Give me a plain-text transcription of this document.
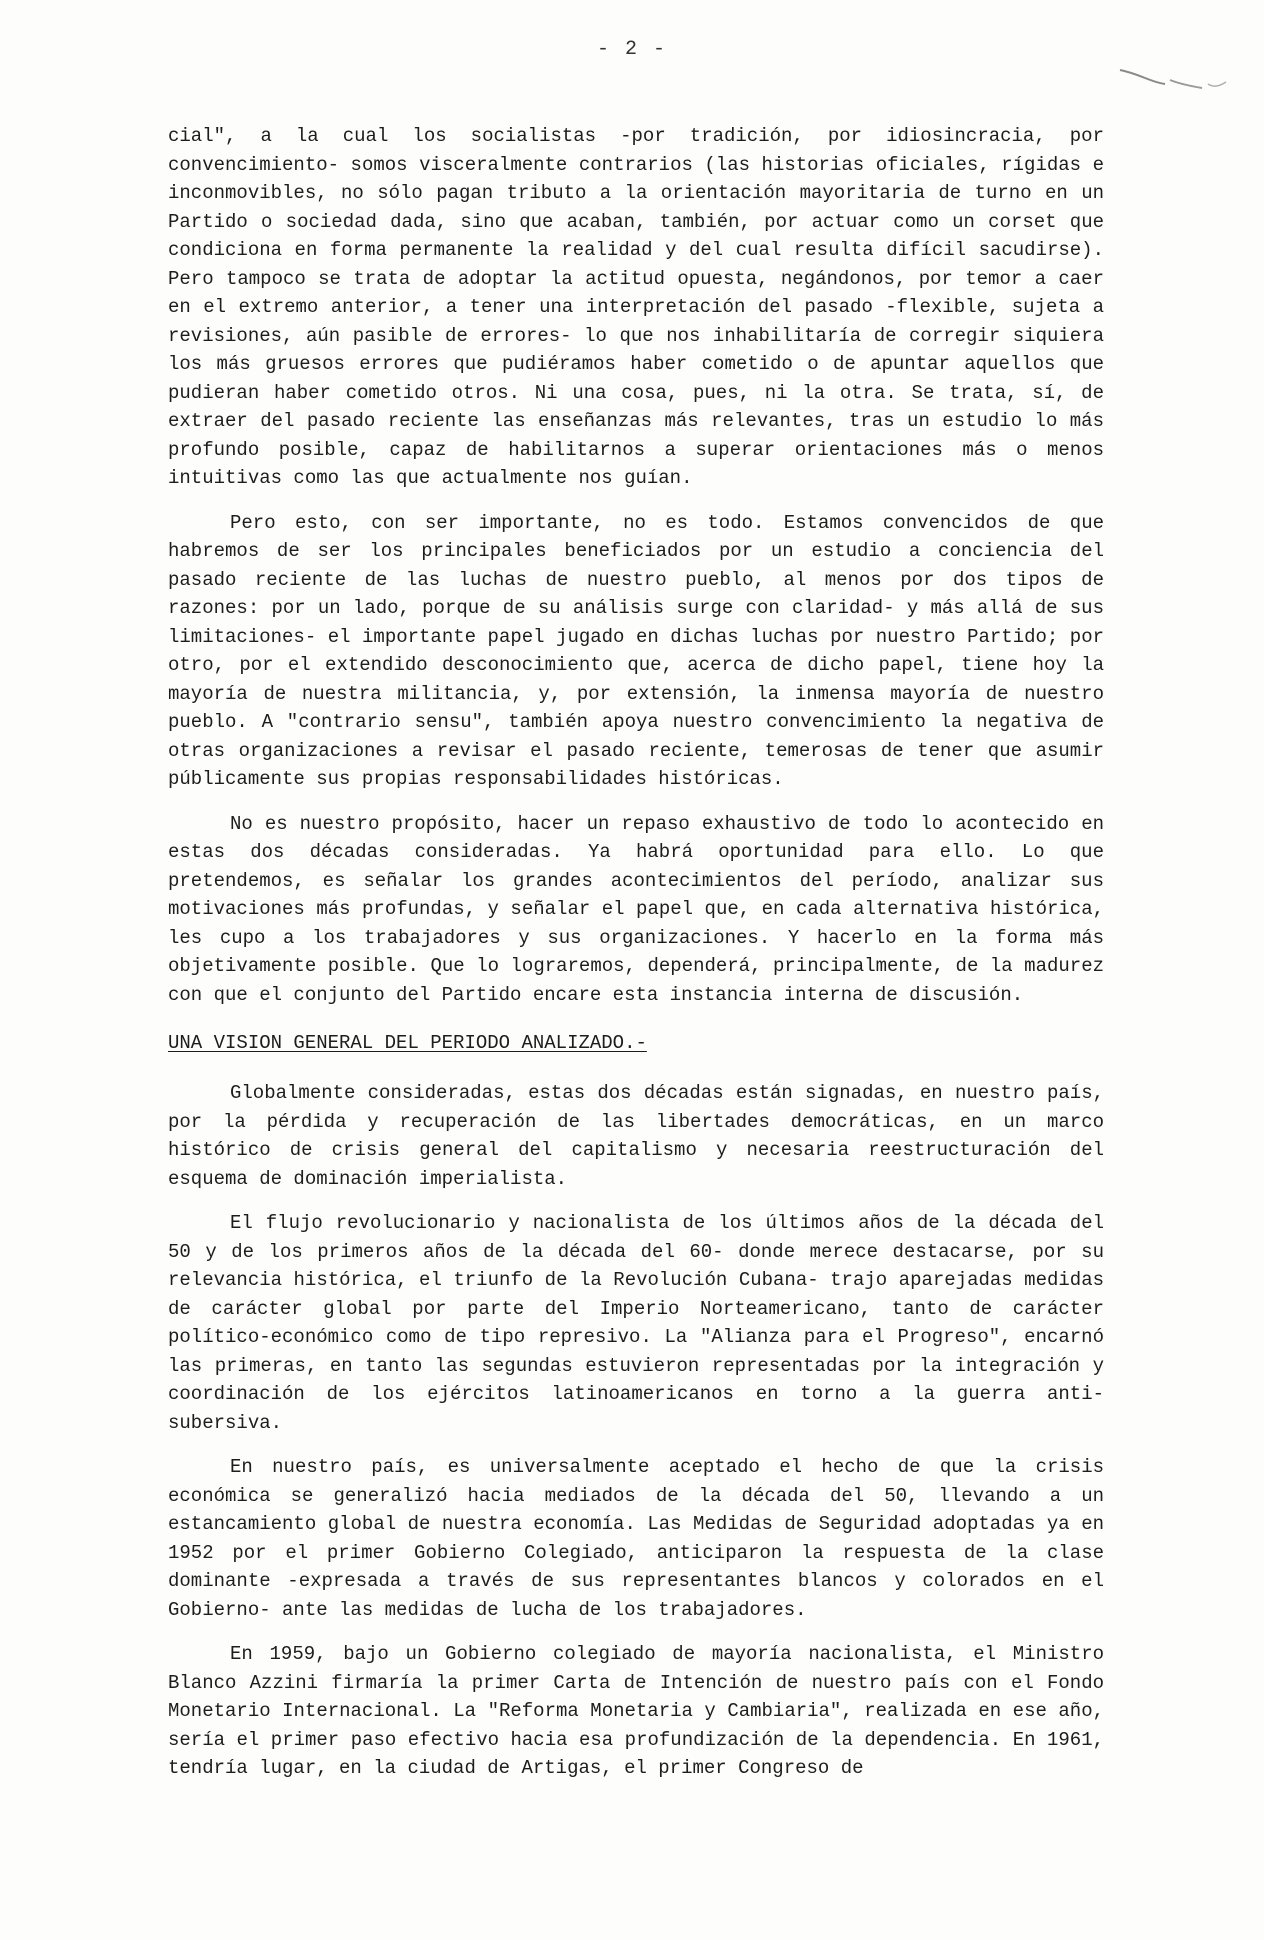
- 2 -

cial", a la cual los socialistas -por tradición, por idiosincracia, por convencimiento- somos visceralmente contrarios (las historias oficiales, rígidas e inconmovibles, no sólo pagan tributo a la orientación mayoritaria de turno en un Partido o sociedad dada, sino que acaban, también, por actuar como un corset que condiciona en forma permanente la realidad y del cual resulta difícil sacudirse). Pero tampoco se trata de adoptar la actitud opuesta, negándonos, por temor a caer en el extremo anterior, a tener una interpretación del pasado -flexible, sujeta a revisiones, aún pasible de errores- lo que nos inhabilitaría de corregir siquiera los más gruesos errores que pudiéramos haber cometido o de apuntar aquellos que pudieran haber cometido otros. Ni una cosa, pues, ni la otra. Se trata, sí, de extraer del pasado reciente las enseñanzas más relevantes, tras un estudio lo más profundo posible, capaz de habilitarnos a superar orientaciones más o menos intuitivas como las que actualmente nos guían.

Pero esto, con ser importante, no es todo. Estamos convencidos de que habremos de ser los principales beneficiados por un estudio a conciencia del pasado reciente de las luchas de nuestro pueblo, al menos por dos tipos de razones: por un lado, porque de su análisis surge con claridad- y más allá de sus limitaciones- el importante papel jugado en dichas luchas por nuestro Partido; por otro, por el extendido desconocimiento que, acerca de dicho papel, tiene hoy la mayoría de nuestra militancia, y, por extensión, la inmensa mayoría de nuestro pueblo. A "contrario sensu", también apoya nuestro convencimiento la negativa de otras organizaciones a revisar el pasado reciente, temerosas de tener que asumir públicamente sus propias responsabilidades históricas.

No es nuestro propósito, hacer un repaso exhaustivo de todo lo acontecido en estas dos décadas consideradas. Ya habrá oportunidad para ello. Lo que pretendemos, es señalar los grandes acontecimientos del período, analizar sus motivaciones más profundas, y señalar el papel que, en cada alternativa histórica, les cupo a los trabajadores y sus organizaciones. Y hacerlo en la forma más objetivamente posible. Que lo lograremos, dependerá, principalmente, de la madurez con que el conjunto del Partido encare esta instancia interna de discusión.

UNA VISION GENERAL DEL PERIODO ANALIZADO.-

Globalmente consideradas, estas dos décadas están signadas, en nuestro país, por la pérdida y recuperación de las libertades democráticas, en un marco histórico de crisis general del capitalismo y necesaria reestructuración del esquema de dominación imperialista.

El flujo revolucionario y nacionalista de los últimos años de la década del 50 y de los primeros años de la década del 60- donde merece destacarse, por su relevancia histórica, el triunfo de la Revolución Cubana- trajo aparejadas medidas de carácter global por parte del Imperio Norteamericano, tanto de carácter político-económico como de tipo represivo. La "Alianza para el Progreso", encarnó las primeras, en tanto las segundas estuvieron representadas por la integración y coordinación de los ejércitos latinoamericanos en torno a la guerra anti-subersiva.

En nuestro país, es universalmente aceptado el hecho de que la crisis económica se generalizó hacia mediados de la década del 50, llevando a un estancamiento global de nuestra economía. Las Medidas de Seguridad adoptadas ya en 1952 por el primer Gobierno Colegiado, anticiparon la respuesta de la clase dominante -expresada a través de sus representantes blancos y colorados en el Gobierno- ante las medidas de lucha de los trabajadores.

En 1959, bajo un Gobierno colegiado de mayoría nacionalista, el Ministro Blanco Azzini firmaría la primer Carta de Intención de nuestro país con el Fondo Monetario Internacional. La "Reforma Monetaria y Cambiaria", realizada en ese año, sería el primer paso efectivo hacia esa profundización de la dependencia. En 1961, tendría lugar, en la ciudad de Artigas, el primer Congreso de
